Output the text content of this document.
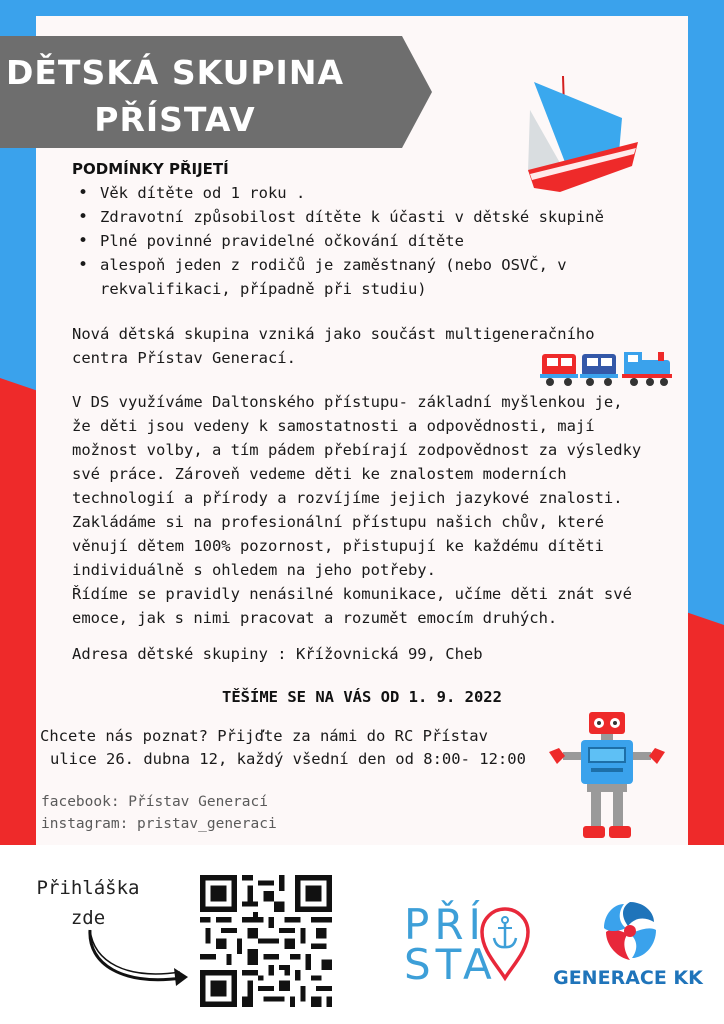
DĚTSKÁ SKUPINA
PŘÍSTAV
PODMÍNKY PŘIJETÍ
• Věk dítěte od 1 roku .
• Zdravotní způsobilost dítěte k účasti v dětské skupině
• Plné povinné pravidelné očkování dítěte
• alespoň jeden z rodičů je zaměstnaný (nebo OSVČ, v
rekvalifikaci, případně při studiu)
Nová dětská skupina vzniká jako součást multigeneračního
centra Přístav Generací.
V DS využíváme Daltonského přístupu- základní myšlenkou je,
že děti jsou vedeny k samostatnosti a odpovědnosti, mají
možnost volby, a tím pádem přebírají zodpovědnost za výsledky
své práce. Zároveň vedeme děti ke znalostem moderních
technologií a přírody a rozvíjíme jejich jazykové znalosti.
Zakládáme si na profesionální přístupu našich chův, které
věnují dětem 100% pozornost, přistupují ke každému dítěti
individuálně s ohledem na jeho potřeby.
Řídíme se pravidly nenásilné komunikace, učíme děti znát své
emoce, jak s nimi pracovat a rozumět emocím druhých.
Adresa dětské skupiny : Křížovnická 99, Cheb
TĚŠÍME SE NA VÁS OD 1. 9. 2022
Chcete nás poznat? Přijďte za námi do RC Přístav
ulice 26. dubna 12, každý všední den od 8:00- 12:00
facebook: Přístav Generací
instagram: pristav_generaci
Přihláška
zde	PŘÍ
STA	GENERACE KK
